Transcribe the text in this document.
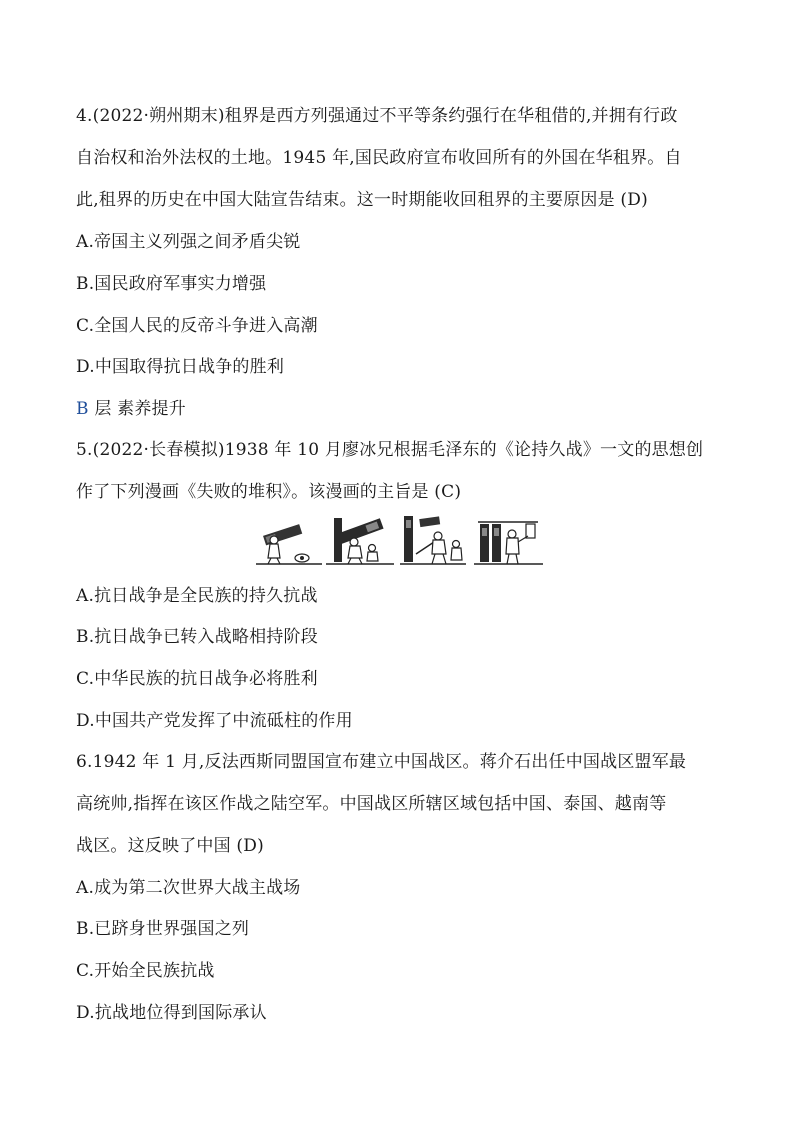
4.(2022·朔州期末)租界是西方列强通过不平等条约强行在华租借的,并拥有行政
自治权和治外法权的土地。1945 年,国民政府宣布收回所有的外国在华租界。自
此,租界的历史在中国大陆宣告结束。这一时期能收回租界的主要原因是 (D)
A.帝国主义列强之间矛盾尖锐
B.国民政府军事实力增强
C.全国人民的反帝斗争进入高潮
D.中国取得抗日战争的胜利
B 层 素养提升
5.(2022·长春模拟)1938 年 10 月廖冰兄根据毛泽东的《论持久战》一文的思想创
作了下列漫画《失败的堆积》。该漫画的主旨是 (C)
A.抗日战争是全民族的持久抗战
B.抗日战争已转入战略相持阶段
C.中华民族的抗日战争必将胜利
D.中国共产党发挥了中流砥柱的作用
6.1942 年 1 月,反法西斯同盟国宣布建立中国战区。蒋介石出任中国战区盟军最
高统帅,指挥在该区作战之陆空军。中国战区所辖区域包括中国、泰国、越南等
战区。这反映了中国 (D)
A.成为第二次世界大战主战场
B.已跻身世界强国之列
C.开始全民族抗战
D.抗战地位得到国际承认
